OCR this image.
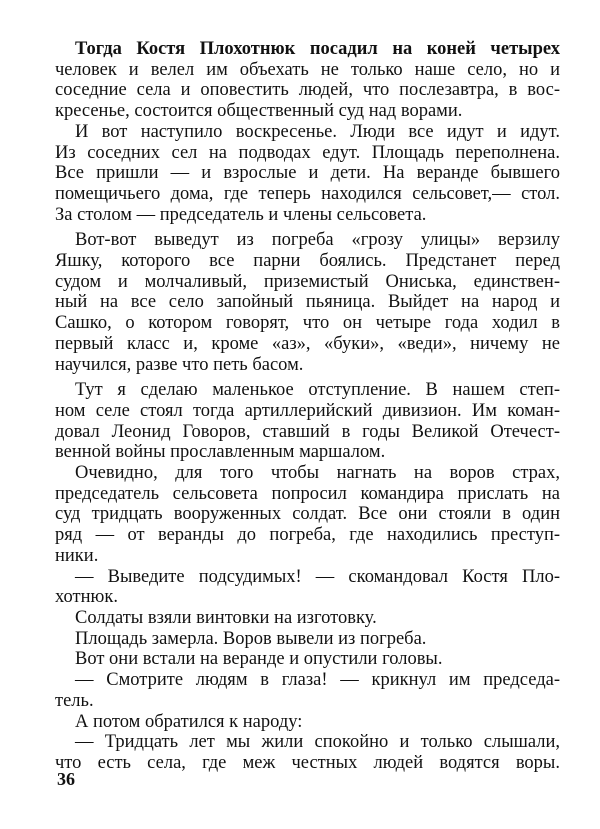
Тогда Костя Плохотнюк посадил на коней четырех
человек и велел им объехать не только наше село, но и
соседние села и оповестить людей, что послезавтра, в вос-
кресенье, состоится общественный суд над ворами.
И вот наступило воскресенье. Люди все идут и идут.
Из соседних сел на подводах едут. Площадь переполнена.
Все пришли — и взрослые и дети. На веранде бывшего
помещичьего дома, где теперь находился сельсовет,— стол.
За столом — председатель и члены сельсовета.
Вот-вот выведут из погреба «грозу улицы» верзилу
Яшку, которого все парни боялись. Предстанет перед
судом и молчаливый, приземистый Ониська, единствен-
ный на все село запойный пьяница. Выйдет на народ и
Сашко, о котором говорят, что он четыре года ходил в
первый класс и, кроме «аз», «буки», «веди», ничему не
научился, разве что петь басом.
Тут я сделаю маленькое отступление. В нашем степ-
ном селе стоял тогда артиллерийский дивизион. Им коман-
довал Леонид Говоров, ставший в годы Великой Отечест-
венной войны прославленным маршалом.
Очевидно, для того чтобы нагнать на воров страх,
председатель сельсовета попросил командира прислать на
суд тридцать вооруженных солдат. Все они стояли в один
ряд — от веранды до погреба, где находились преступ-
ники.
— Выведите подсудимых! — скомандовал Костя Пло-
хотнюк.
Солдаты взяли винтовки на изготовку.
Площадь замерла. Воров вывели из погреба.
Вот они встали на веранде и опустили головы.
— Смотрите людям в глаза! — крикнул им председа-
тель.
А потом обратился к народу:
— Тридцать лет мы жили спокойно и только слышали,
что есть села, где меж честных людей водятся воры.
36
